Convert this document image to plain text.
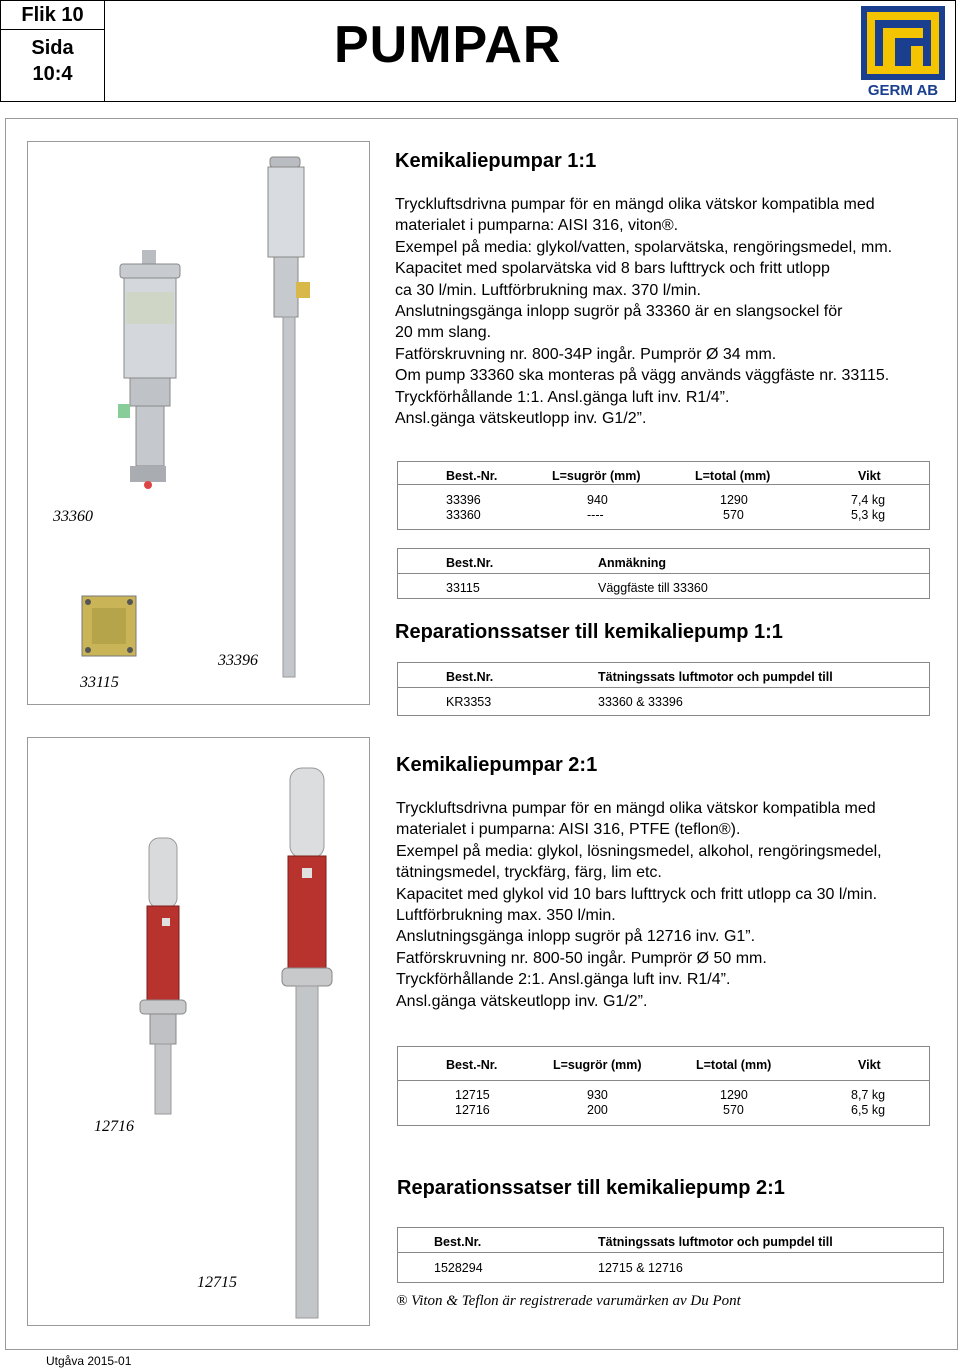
Flik 10
Sida
10:4	PUMPAR
GERM AB
33360
33115
33396
Kemikaliepumpar 1:1
Tryckluftsdrivna pumpar för en mängd olika vätskor kompatibla med
materialet i pumparna: AISI 316, viton®.
Exempel på media: glykol/vatten, spolarvätska, rengöringsmedel, mm.
Kapacitet med spolarvätska vid 8 bars lufttryck och fritt utlopp
ca 30 l/min. Luftförbrukning max. 370 l/min.
Anslutningsgänga inlopp sugrör på 33360 är en slangsockel för
20 mm slang.
Fatförskruvning nr. 800-34P ingår. Pumprör Ø 34 mm.
Om pump 33360 ska monteras på vägg används väggfäste nr. 33115.
Tryckförhållande 1:1. Ansl.gänga luft inv. R1/4”.
Ansl.gänga vätskeutlopp inv. G1/2”.
Best.-Nr.	L=sugrör (mm)	L=total (mm)	Vikt
33396	940	1290	7,4 kg
33360	----	570	5,3 kg
Best.Nr.	Anmäkning
33115	Väggfäste till 33360
Reparationssatser till kemikaliepump 1:1
Best.Nr.	Tätningssats luftmotor och pumpdel till
KR3353	33360 & 33396
12716
12715
Kemikaliepumpar 2:1
Tryckluftsdrivna pumpar för en mängd olika vätskor kompatibla med
materialet i pumparna: AISI 316, PTFE (teflon®).
Exempel på media: glykol, lösningsmedel, alkohol, rengöringsmedel,
tätningsmedel, tryckfärg, färg, lim etc.
Kapacitet med glykol vid 10 bars lufttryck och fritt utlopp ca 30 l/min.
Luftförbrukning max. 350 l/min.
Anslutningsgänga inlopp sugrör på 12716 inv. G1”.
Fatförskruvning nr. 800-50 ingår. Pumprör Ø 50 mm.
Tryckförhållande 2:1. Ansl.gänga luft inv. R1/4”.
Ansl.gänga vätskeutlopp inv. G1/2”.
Best.-Nr.	L=sugrör (mm)	L=total (mm)	Vikt
12715	930	1290	8,7 kg
12716	200	570	6,5 kg
Reparationssatser till kemikaliepump 2:1
Best.Nr.	Tätningssats luftmotor och pumpdel till
1528294	12715 & 12716
® Viton & Teflon är registrerade varumärken av Du Pont
Utgåva 2015-01
